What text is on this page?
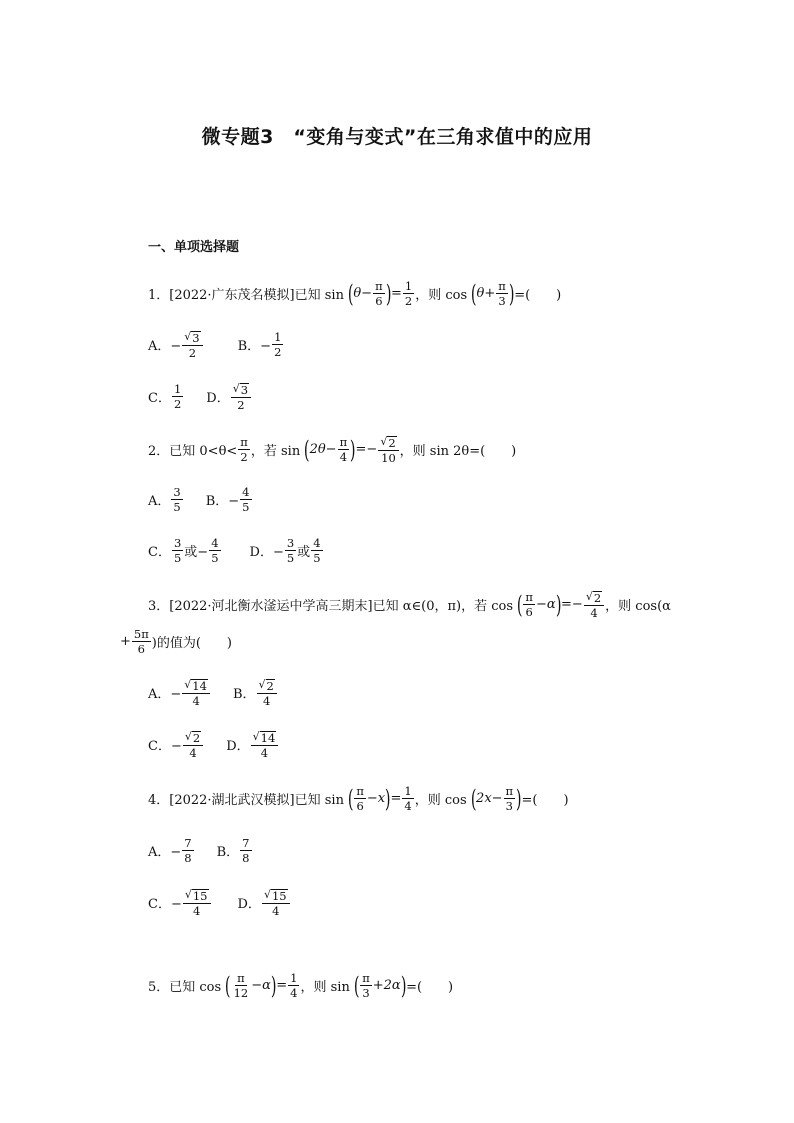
微专题3　“变角与变式”在三角求值中的应用
一、单项选择题
1．[2022·广东茂名模拟]已知 sin ( $\theta- \frac{\pi}{6}$ ) = $\frac{1}{2}$ ，则 cos ( $\theta+ \frac{\pi}{3}$ ) =(　　)
A．− $\frac{√ 3}{2}$	B．− $\frac{1}{2}$
C． $\frac{1}{2}$ D． $\frac{√ 3}{2}$
2．已知 $0<\theta< \frac{\pi}{2}$ ，若 sin ( $2\theta- \frac{\pi}{4}$ ) =− $\frac{√ 2}{10}$ ，则 sin 2θ=(　　)
A． $\frac{3}{5}$ B．− $\frac{4}{5}$
C． $\frac{3}{5}$ 或− $\frac{4}{5}$ D．− $\frac{3}{5}$ 或 $\frac{4}{5}$
3．[2022·河北衡水滏运中学高三期末]已知 α∈(0，π)，若 cos ( $\frac{\pi}{6} -\alpha$ ) =− $\frac{√ 2}{4}$ ，则 cos(α
+ $\frac{5\pi}{6}$ )的值为(　　)
A．− $\frac{√ 14}{4}$ B． $\frac{√ 2}{4}$
C．− $\frac{√ 2}{4}$ D． $\frac{√ 14}{4}$
4．[2022·湖北武汉模拟]已知 sin ( $\frac{\pi}{6} -x$ ) = $\frac{1}{4}$ ，则 cos ( $2x- \frac{\pi}{3}$ ) =(　　)
A．− $\frac{7}{8}$ B． $\frac{7}{8}$
C．− $\frac{√ 15}{4}$ D． $\frac{√ 15}{4}$
5．已知 cos ( $\frac{\pi}{12} -\alpha$ ) = $\frac{1}{4}$ ，则 sin ( $\frac{\pi}{3} +2\alpha$ ) =(　　)
